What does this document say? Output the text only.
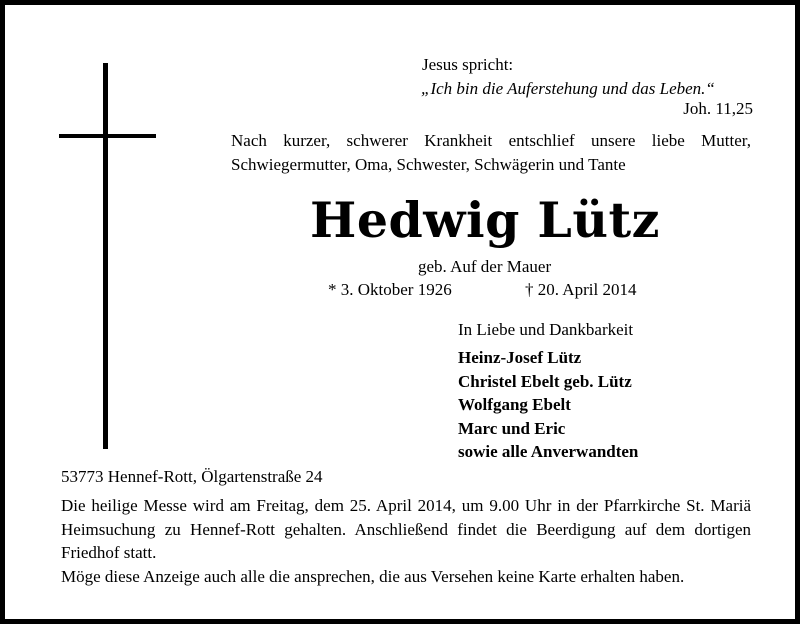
Jesus spricht:
„Ich bin die Auferstehung und das Leben.“
Joh. 11,25
Nach kurzer, schwerer Krankheit entschlief unsere liebe Mutter, Schwiegermutter, Oma, Schwester, Schwägerin und Tante
Hedwig Lütz
geb. Auf der Mauer
* 3. Oktober 1926	† 20. April 2014
In Liebe und Dankbarkeit
Heinz-Josef Lütz
Christel Ebelt geb. Lütz
Wolfgang Ebelt
Marc und Eric
sowie alle Anverwandten
53773 Hennef-Rott, Ölgartenstraße 24
Die heilige Messe wird am Freitag, dem 25. April 2014, um 9.00 Uhr in der Pfarrkirche St. Mariä Heimsuchung zu Hennef-Rott gehalten. Anschließend findet die Beerdigung auf dem dortigen Friedhof statt.
Möge diese Anzeige auch alle die ansprechen, die aus Versehen keine Karte erhalten haben.
